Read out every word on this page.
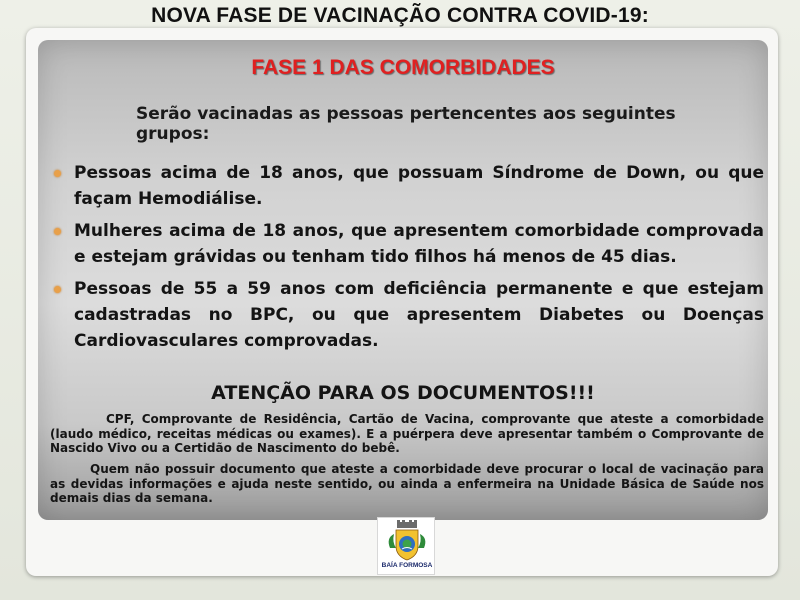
NOVA FASE DE VACINAÇÃO CONTRA COVID-19:
FASE 1 DAS COMORBIDADES
Serão vacinadas as pessoas pertencentes aos seguintes grupos:
Pessoas acima de 18 anos, que possuam Síndrome de Down, ou que façam Hemodiálise.
Mulheres acima de 18 anos, que apresentem comorbidade comprovada e estejam grávidas ou tenham tido filhos há menos de 45 dias.
Pessoas de 55 a 59 anos com deficiência permanente e que estejam cadastradas no BPC, ou que apresentem Diabetes ou Doenças Cardiovasculares comprovadas.
ATENÇÃO PARA OS DOCUMENTOS!!!
CPF, Comprovante de Residência, Cartão de Vacina, comprovante que ateste a comorbidade (laudo médico, receitas médicas ou exames). E a puérpera deve apresentar também o Comprovante de Nascido Vivo ou a Certidão de Nascimento do bebê.
Quem não possuir documento que ateste a comorbidade deve procurar o local de vacinação para as devidas informações e ajuda neste sentido, ou ainda a enfermeira na Unidade Básica de Saúde nos demais dias da semana.
BAÍA FORMOSA
